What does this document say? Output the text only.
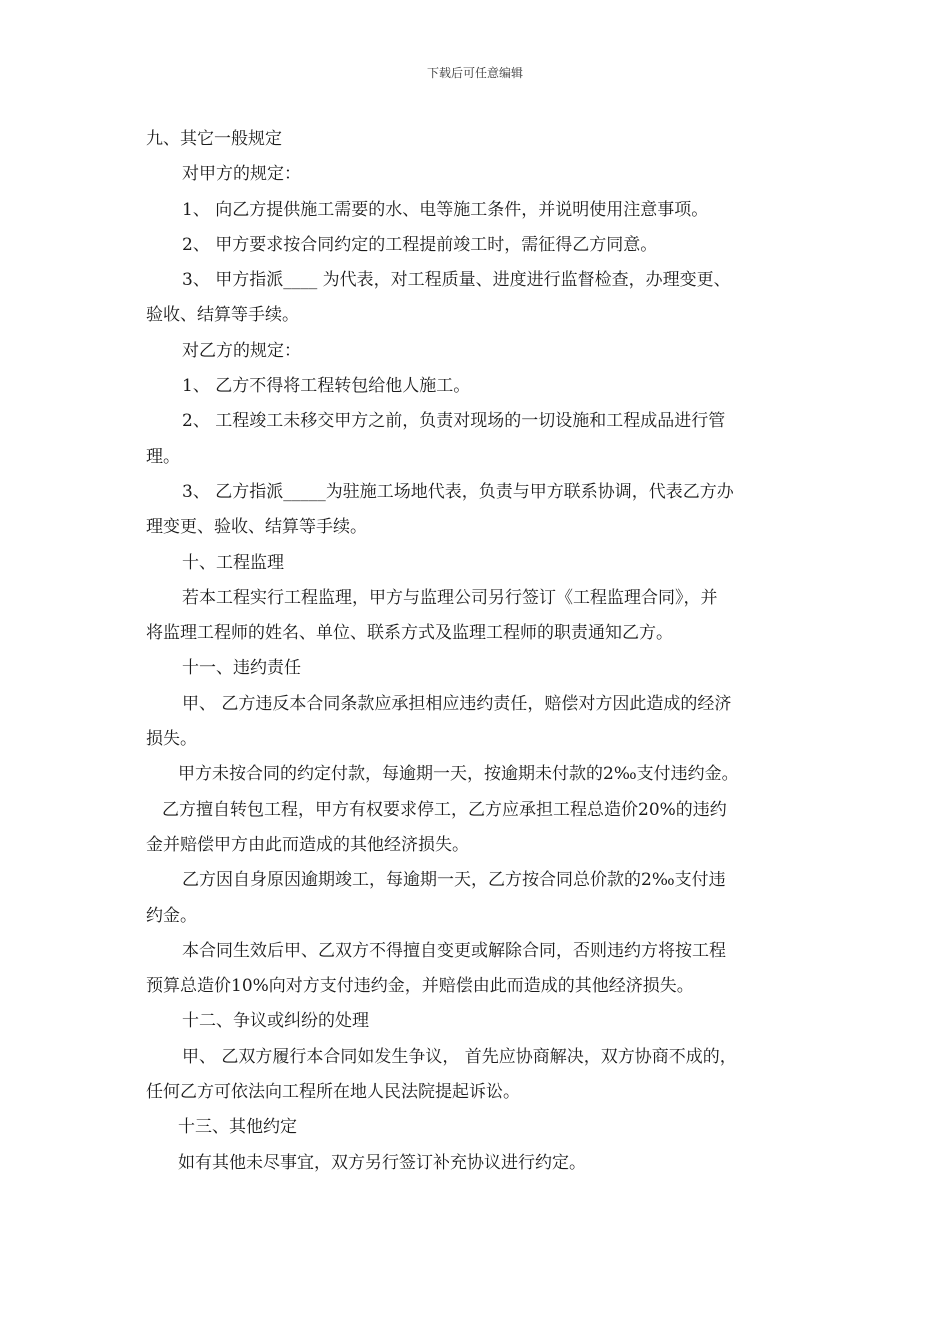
下载后可任意编辑
九、其它一般规定
对甲方的规定：
1、 向乙方提供施工需要的水、电等施工条件，并说明使用注意事项。
2、 甲方要求按合同约定的工程提前竣工时，需征得乙方同意。
3、 甲方指派____ 为代表，对工程质量、进度进行监督检查，办理变更、
验收、结算等手续。
对乙方的规定：
1、 乙方不得将工程转包给他人施工。
2、 工程竣工未移交甲方之前，负责对现场的一切设施和工程成品进行管
理。
3、 乙方指派_____为驻施工场地代表，负责与甲方联系协调，代表乙方办
理变更、验收、结算等手续。
十、工程监理
若本工程实行工程监理，甲方与监理公司另行签订《工程监理合同》，并
将监理工程师的姓名、单位、联系方式及监理工程师的职责通知乙方。
十一、违约责任
甲、 乙方违反本合同条款应承担相应违约责任，赔偿对方因此造成的经济
损失。
甲方未按合同的约定付款，每逾期一天，按逾期未付款的2‰支付违约金。
乙方擅自转包工程，甲方有权要求停工，乙方应承担工程总造价20%的违约
金并赔偿甲方由此而造成的其他经济损失。
乙方因自身原因逾期竣工，每逾期一天，乙方按合同总价款的2‰支付违
约金。
本合同生效后甲、乙双方不得擅自变更或解除合同，否则违约方将按工程
预算总造价10%向对方支付违约金，并赔偿由此而造成的其他经济损失。
十二、争议或纠纷的处理
甲、 乙双方履行本合同如发生争议， 首先应协商解决，双方协商不成的，
任何乙方可依法向工程所在地人民法院提起诉讼。
十三、其他约定
如有其他未尽事宜，双方另行签订补充协议进行约定。
